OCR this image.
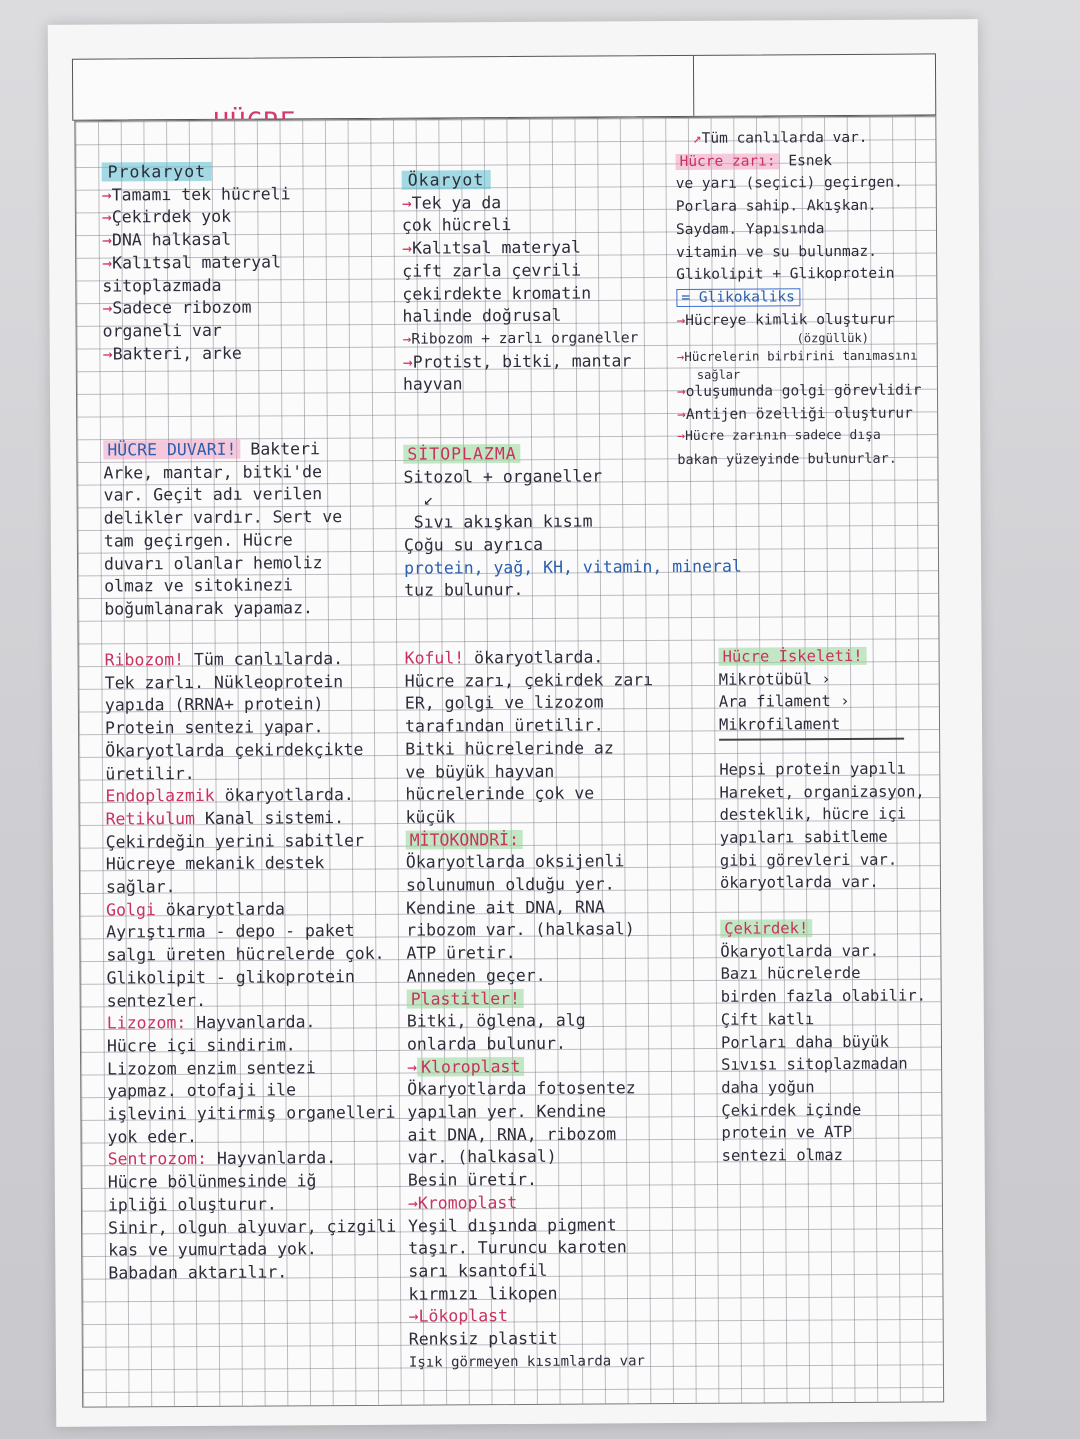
Prokaryot

→Tamamı tek hücreli

→Çekirdek yok

→DNA halkasal

→Kalıtsal materyal

sitoplazmada

→Sadece ribozom

organeli var

→Bakteri, arke

HÜCRE DUVARI! Bakteri

Arke, mantar, bitki'de

var. Geçit adı verilen

delikler vardır. Sert ve

tam geçirgen. Hücre

duvarı olanlar hemoliz

olmaz ve sitokinezi

boğumlanarak yapamaz.

Ribozom! Tüm canlılarda.

Tek zarlı. Nükleoprotein

yapıda (RRNA+ protein)

Protein sentezi yapar.

Ökaryotlarda çekirdekçikte

üretilir.

Endoplazmik ökaryotlarda.

Retikulum Kanal sistemi.

Çekirdeğin yerini sabitler

Hücreye mekanik destek

sağlar.

Golgi ökaryotlarda

Ayrıştırma - depo - paket

salgı üreten hücrelerde çok.

Glikolipit - glikoprotein

sentezler.

Lizozom: Hayvanlarda.

Hücre içi sindirim.

Lizozom enzim sentezi

yapmaz. otofaji ile

işlevini yitirmiş organelleri

yok eder.

Sentrozom: Hayvanlarda.

Hücre bölünmesinde iğ

ipliği oluşturur.

Sinir, olgun alyuvar, çizgili

kas ve yumurtada yok.

Babadan aktarılır.

Ökaryot

→Tek ya da

çok hücreli

→Kalıtsal materyal

çift zarla çevrili

çekirdekte kromatin

halinde doğrusal

→Ribozom + zarlı organeller

→Protist, bitki, mantar

hayvan

SİTOPLAZMA

Sitozol + organeller

↙

Sıvı akışkan kısım

Çoğu su ayrıca

protein, yağ, KH, vitamin, mineral

tuz bulunur.

Koful! ökaryotlarda.

Hücre zarı, çekirdek zarı

ER, golgi ve lizozom

tarafından üretilir.

Bitki hücrelerinde az

ve büyük hayvan

hücrelerinde çok ve

küçük

MİTOKONDRİ:

Ökaryotlarda oksijenli

solunumun olduğu yer.

Kendine ait DNA, RNA

ribozom var. (halkasal)

ATP üretir.

Anneden geçer.

Plastitler!

Bitki, öglena, alg

onlarda bulunur.

→ Kloroplast

Ökaryotlarda fotosentez

yapılan yer. Kendine

ait DNA, RNA, ribozom

var. (halkasal)

Besin üretir.

→Kromoplast

Yeşil dışında pigment

taşır. Turuncu karoten

sarı ksantofil

kırmızı likopen

→Lökoplast

Renksiz plastit

Işık görmeyen kısımlarda var

↗Tüm canlılarda var.

Hücre zarı: Esnek

ve yarı (seçici) geçirgen.

Porlara sahip. Akışkan.

Saydam. Yapısında

vitamin ve su bulunmaz.

Glikolipit + Glikoprotein

= Glikokaliks

→Hücreye kimlik oluşturur

(özgüllük)

→Hücrelerin birbirini tanımasını

sağlar

→oluşumunda golgi görevlidir

→Antijen özelliği oluşturur

→Hücre zarının sadece dışa

bakan yüzeyinde bulunurlar.

Hücre İskeleti!

Mikrotübül ›

Ara filament ›

Mikrofilament

Hepsi protein yapılı

Hareket, organizasyon,

desteklik, hücre içi

yapıları sabitleme

gibi görevleri var.

ökaryotlarda var.

Çekirdek!

Ökaryotlarda var.

Bazı hücrelerde

birden fazla olabilir.

Çift katlı

Porları daha büyük

Sıvısı sitoplazmadan

daha yoğun

Çekirdek içinde

protein ve ATP

sentezi olmaz
